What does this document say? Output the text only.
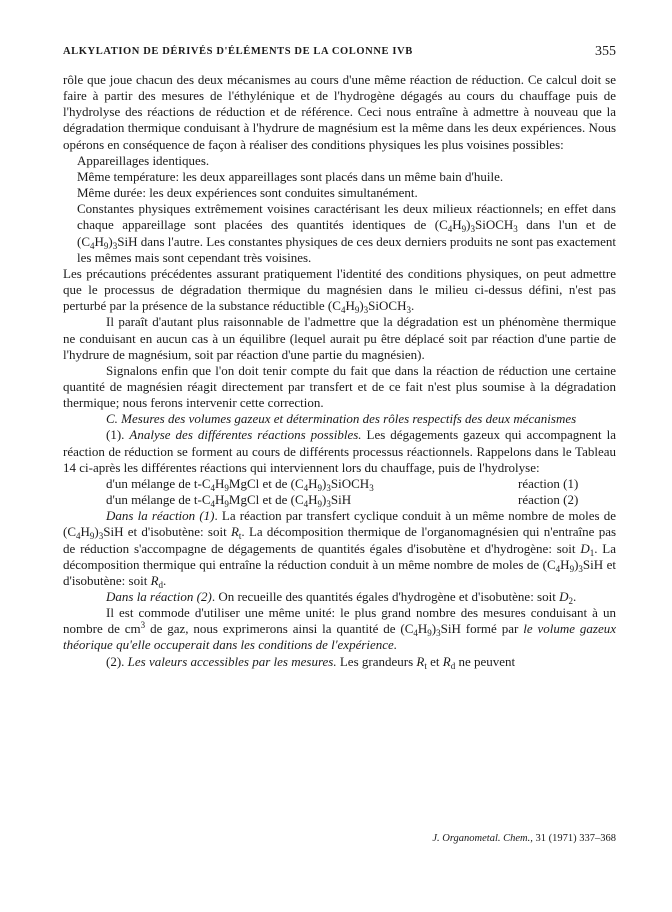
ALKYLATION DE DÉRIVÉS D'ÉLÉMENTS DE LA COLONNE IVB	355

rôle que joue chacun des deux mécanismes au cours d'une même réaction de réduction. Ce calcul doit se faire à partir des mesures de l'éthylénique et de l'hydrogène dégagés au cours du chauffage puis de l'hydrolyse des réactions de réduction et de référence. Ceci nous entraîne à admettre à nouveau que la dégradation thermique conduisant à l'hydrure de magnésium est la même dans les deux expériences. Nous opérons en conséquence de façon à réaliser des conditions physiques les plus voisines possibles:

Appareillages identiques.

Même température: les deux appareillages sont placés dans un même bain d'huile.

Même durée: les deux expériences sont conduites simultanément.

Constantes physiques extrêmement voisines caractérisant les deux milieux réactionnels; en effet dans chaque appareillage sont placées des quantités identiques de $(C_4H_9)_3SiOCH_3$ dans l'un et de $(C_4H_9)_3SiH$ dans l'autre. Les constantes physiques de ces deux derniers produits ne sont pas exactement les mêmes mais sont cependant très voisines.

Les précautions précédentes assurant pratiquement l'identité des conditions physiques, on peut admettre que le processus de dégradation thermique du magnésien dans le milieu ci-dessus défini, n'est pas perturbé par la présence de la substance réductible $(C_4H_9)_3SiOCH_3$.

Il paraît d'autant plus raisonnable de l'admettre que la dégradation est un phénomène thermique ne conduisant en aucun cas à un équilibre (lequel aurait pu être déplacé soit par réaction d'une partie de l'hydrure de magnésium, soit par réaction d'une partie du magnésien).

Signalons enfin que l'on doit tenir compte du fait que dans la réaction de réduction une certaine quantité de magnésien réagit directement par transfert et de ce fait n'est plus soumise à la dégradation thermique; nous ferons intervenir cette correction.

C. Mesures des volumes gazeux et détermination des rôles respectifs des deux mécanismes

(1). Analyse des différentes réactions possibles. Les dégagements gazeux qui accompagnent la réaction de réduction se forment au cours de différents processus réactionnels. Rappelons dans le Tableau 14 ci-après les différentes réactions qui interviennent lors du chauffage, puis de l'hydrolyse:

d'un mélange de $t-C_4H_9MgCl$ et de $(C_4H_9)_3SiOCH_3$	réaction (1)
d'un mélange de $t-C_4H_9MgCl$ et de $(C_4H_9)_3SiH$	réaction (2)

Dans la réaction (1). La réaction par transfert cyclique conduit à un même nombre de moles de $(C_4H_9)_3SiH$ et d'isobutène: soit $R_t$. La décomposition thermique de l'organomagnésien qui n'entraîne pas de réduction s'accompagne de dégagements de quantités égales d'isobutène et d'hydrogène: soit $D_1$. La décomposition thermique qui entraîne la réduction conduit à un même nombre de moles de $(C_4H_9)_3SiH$ et d'isobutène: soit $R_d$.

Dans la réaction (2). On recueille des quantités égales d'hydrogène et d'isobutène: soit $D_2$.

Il est commode d'utiliser une même unité: le plus grand nombre des mesures conduisant à un nombre de $cm^3$ de gaz, nous exprimerons ainsi la quantité de $(C_4H_9)_3SiH$ formé par le volume gazeux théorique qu'elle occuperait dans les conditions de l'expérience.

(2). Les valeurs accessibles par les mesures. Les grandeurs $R_t$ et $R_d$ ne peuvent

J. Organometal. Chem., 31 (1971) 337–368
